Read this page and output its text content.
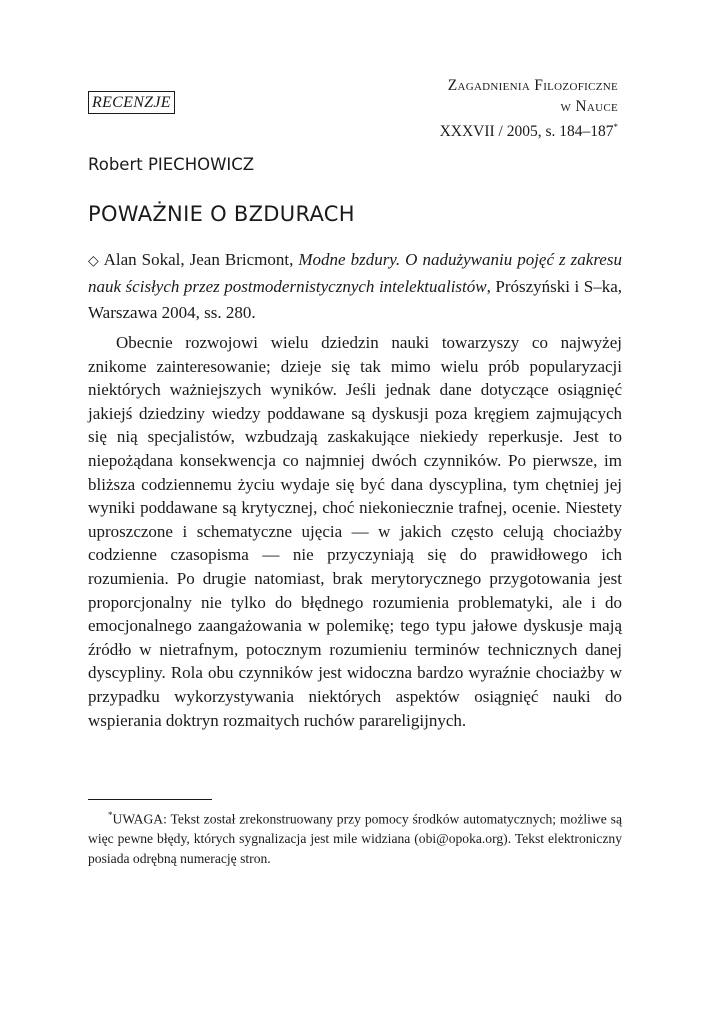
RECENZJE
Zagadnienia Filozoficzne
w Nauce
XXXVII / 2005, s. 184–187*
Robert PIECHOWICZ
POWAŻNIE O BZDURACH
◇ Alan Sokal, Jean Bricmont, Modne bzdury. O nadużywaniu pojęć z zakresu nauk ścisłych przez postmodernistycznych intelektualistów, Prószyński i S–ka, Warszawa 2004, ss. 280.

Obecnie rozwojowi wielu dziedzin nauki towarzyszy co najwyżej znikome zainteresowanie; dzieje się tak mimo wielu prób popularyzacji niektórych ważniejszych wyników. Jeśli jednak dane dotyczące osiągnięć jakiejś dziedziny wiedzy poddawane są dyskusji poza kręgiem zajmujących się nią specjalistów, wzbudzają zaskakujące niekiedy reperkusje. Jest to niepożądana konsekwencja co najmniej dwóch czynników. Po pierwsze, im bliższa codziennemu życiu wydaje się być dana dyscyplina, tym chętniej jej wyniki poddawane są krytycznej, choć niekoniecznie trafnej, ocenie. Niestety uproszczone i schematyczne ujęcia — w jakich często celują chociażby codzienne czasopisma — nie przyczyniają się do prawidłowego ich rozumienia. Po drugie natomiast, brak merytorycznego przygotowania jest proporcjonalny nie tylko do błędnego rozumienia problematyki, ale i do emocjonalnego zaangażowania w polemikę; tego typu jałowe dyskusje mają źródło w nietrafnym, potocznym rozumieniu terminów technicznych danej dyscypliny. Rola obu czynników jest widoczna bardzo wyraźnie chociażby w przypadku wykorzystywania niektórych aspektów osiągnięć nauki do wspierania doktryn rozmaitych ruchów parareligijnych.

*UWAGA: Tekst został zrekonstruowany przy pomocy środków automatycznych; możliwe są więc pewne błędy, których sygnalizacja jest mile widziana (obi@opoka.org). Tekst elektroniczny posiada odrębną numerację stron.
